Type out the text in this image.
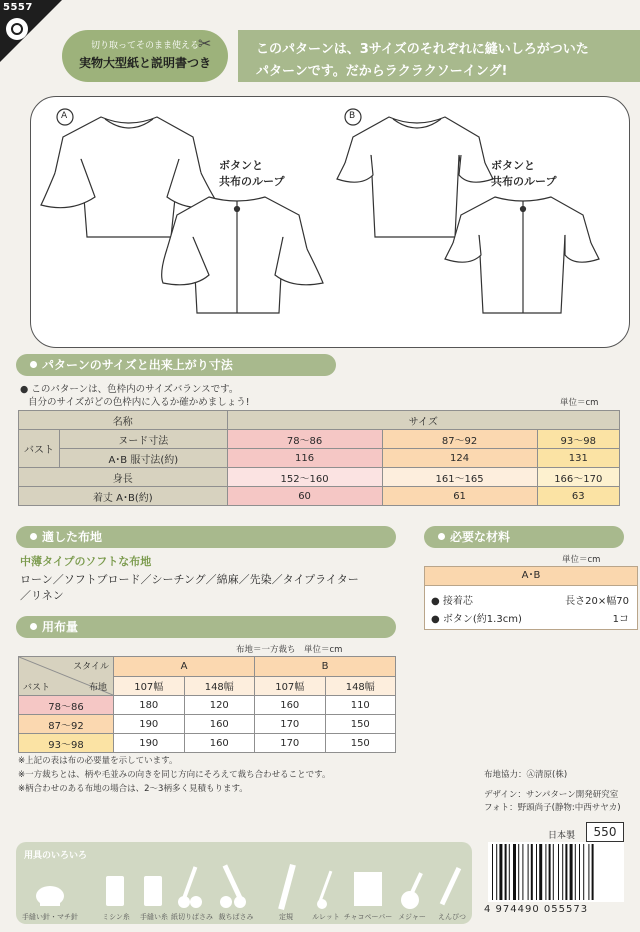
5557
切り取ってそのまま使える
実物大型紙と説明書つき
✂	このパターンは、3サイズのそれぞれに縫いしろがついた
パターンです。だからラクラクソーイング!
A	B
ボタンと
共布のループ
ボタンと
共布のループ
パターンのサイズと出来上がり寸法
● このパターンは、色枠内のサイズバランスです。
自分のサイズがどの色枠内に入るか確かめましょう!	単位＝cm
名称		サイズ		
バスト	ヌード寸法	78〜86	87〜92	93〜98
	A･B 服寸法(約)	116	124	131
身長		152〜160	161〜165	166〜170
着丈 A･B(約)		60	61	63
適した布地
中薄タイプのソフトな布地
ローン／ソフトブロード／シーチング／綿麻／先染／タイプライター
／リネン
必要な材料
単位＝cm
A･B
● 接着芯	長さ20×幅70
● ボタン(約1.3cm)	1コ
用布量
布地＝一方裁ち　単位＝cm
スタイル
布地
バスト	A		B	
	107幅	148幅	107幅	148幅
78〜86	180	120	160	110
87〜92	190	160	170	150
93〜98	190	160	170	150
※上記の表は布の必要量を示しています。
※一方裁ちとは、柄や毛並みの向きを同じ方向にそろえて裁ち合わせることです。
※柄合わせのある布地の場合は、2〜3柄多く見積もります。
布地協力：Ⓐ清原(株)
デザイン：サンパターン開発研究室
フォト：野頭尚子(静物:中西サヤカ)
日本製	550
用具のいろいろ
手縫い針・マチ針	ミシン糸	手縫い糸 紙切りばさみ 裁ちばさみ	定規	ルレット チャコペーパー メジャー	えんぴつ
4 974490 055573
